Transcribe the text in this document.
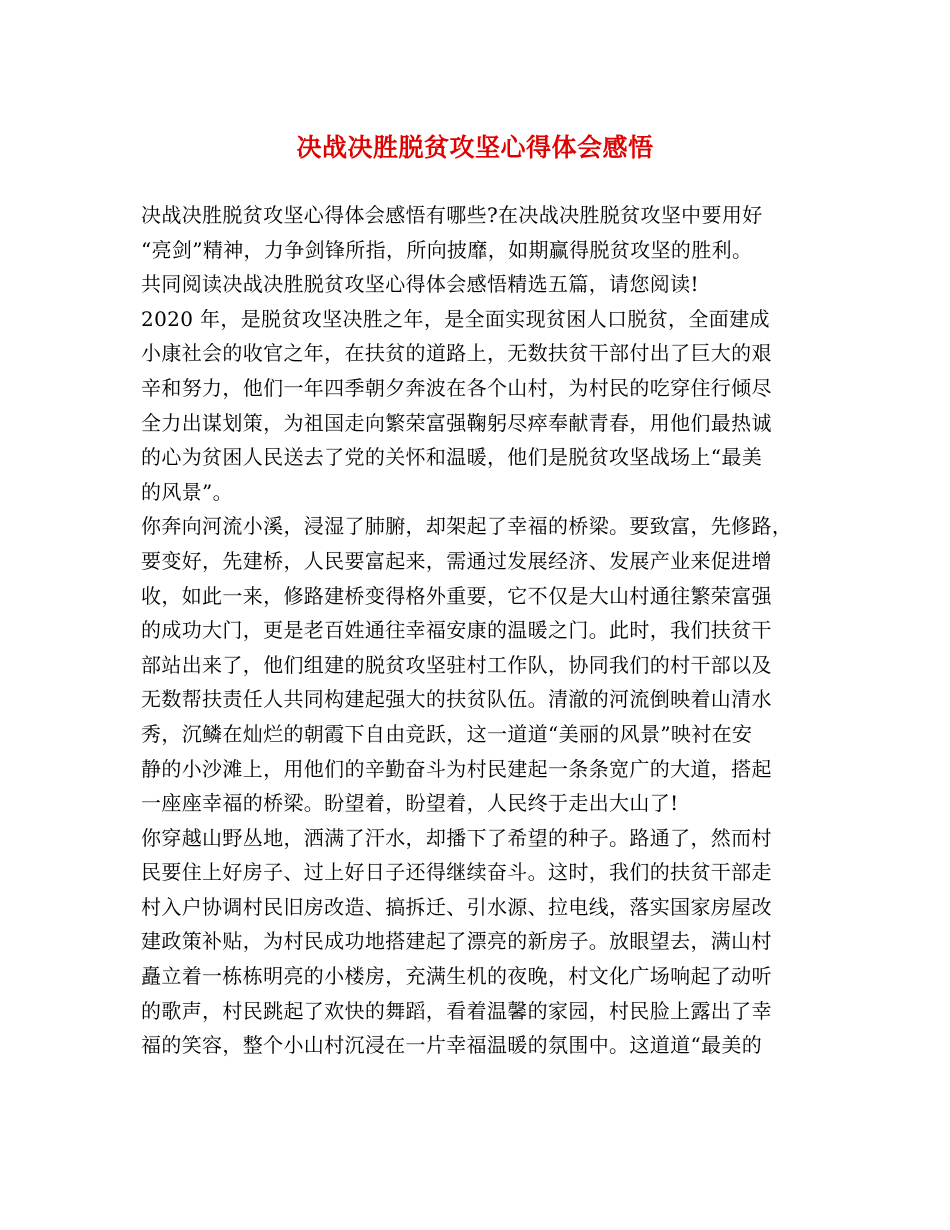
决战决胜脱贫攻坚心得体会感悟
决战决胜脱贫攻坚心得体会感悟有哪些?在决战决胜脱贫攻坚中要用好
“亮剑”精神，力争剑锋所指，所向披靡，如期赢得脱贫攻坚的胜利。
共同阅读决战决胜脱贫攻坚心得体会感悟精选五篇，请您阅读!
2020 年，是脱贫攻坚决胜之年，是全面实现贫困人口脱贫，全面建成
小康社会的收官之年，在扶贫的道路上，无数扶贫干部付出了巨大的艰
辛和努力，他们一年四季朝夕奔波在各个山村，为村民的吃穿住行倾尽
全力出谋划策，为祖国走向繁荣富强鞠躬尽瘁奉献青春，用他们最热诚
的心为贫困人民送去了党的关怀和温暖，他们是脱贫攻坚战场上“最美
的风景”。
你奔向河流小溪，浸湿了肺腑，却架起了幸福的桥梁。要致富，先修路，
要变好，先建桥，人民要富起来，需通过发展经济、发展产业来促进增
收，如此一来，修路建桥变得格外重要，它不仅是大山村通往繁荣富强
的成功大门，更是老百姓通往幸福安康的温暖之门。此时，我们扶贫干
部站出来了，他们组建的脱贫攻坚驻村工作队，协同我们的村干部以及
无数帮扶责任人共同构建起强大的扶贫队伍。清澈的河流倒映着山清水
秀，沉鳞在灿烂的朝霞下自由竞跃，这一道道“美丽的风景”映衬在安
静的小沙滩上，用他们的辛勤奋斗为村民建起一条条宽广的大道，搭起
一座座幸福的桥梁。盼望着，盼望着，人民终于走出大山了!
你穿越山野丛地，洒满了汗水，却播下了希望的种子。路通了，然而村
民要住上好房子、过上好日子还得继续奋斗。这时，我们的扶贫干部走
村入户协调村民旧房改造、搞拆迁、引水源、拉电线，落实国家房屋改
建政策补贴，为村民成功地搭建起了漂亮的新房子。放眼望去，满山村
矗立着一栋栋明亮的小楼房，充满生机的夜晚，村文化广场响起了动听
的歌声，村民跳起了欢快的舞蹈，看着温馨的家园，村民脸上露出了幸
福的笑容，整个小山村沉浸在一片幸福温暖的氛围中。这道道“最美的
